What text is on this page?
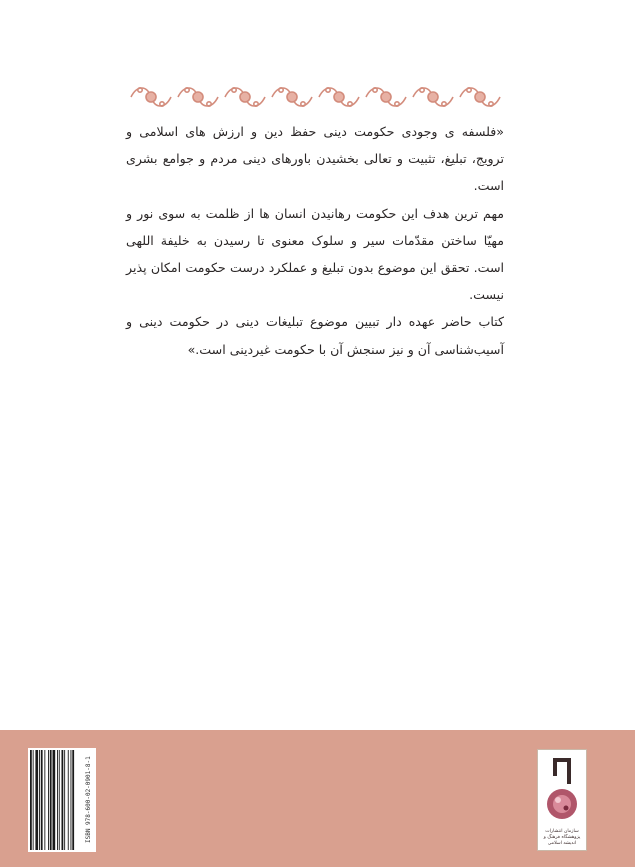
«فلسفه ی وجودی حکومت دینی حفظ دین و ارزش های اسلامی و ترویج، تبلیغ، تثبیت و تعالی بخشیدن باورهای دینی مردم و جوامع بشری است.

مهم ترین هدف این حکومت رهانیدن انسان ها از ظلمت به سوی نور و مهیّا ساختن مقدّمات سیر و سلوک معنوی تا رسیدن به خلیفة اللهی است. تحقق این موضوع بدون تبلیغ و عملکرد درست حکومت امکان پذیر نیست.

کتاب حاضر عهده دار تبیین موضوع تبلیغات دینی در حکومت دینی و آسیب‌شناسی آن و نیز سنجش آن با حکومت غیردینی است.»

ISBN 978-600-02-0901-8-1	سازمان انتشارات پژوهشگاه فرهنگ و اندیشه اسلامی
